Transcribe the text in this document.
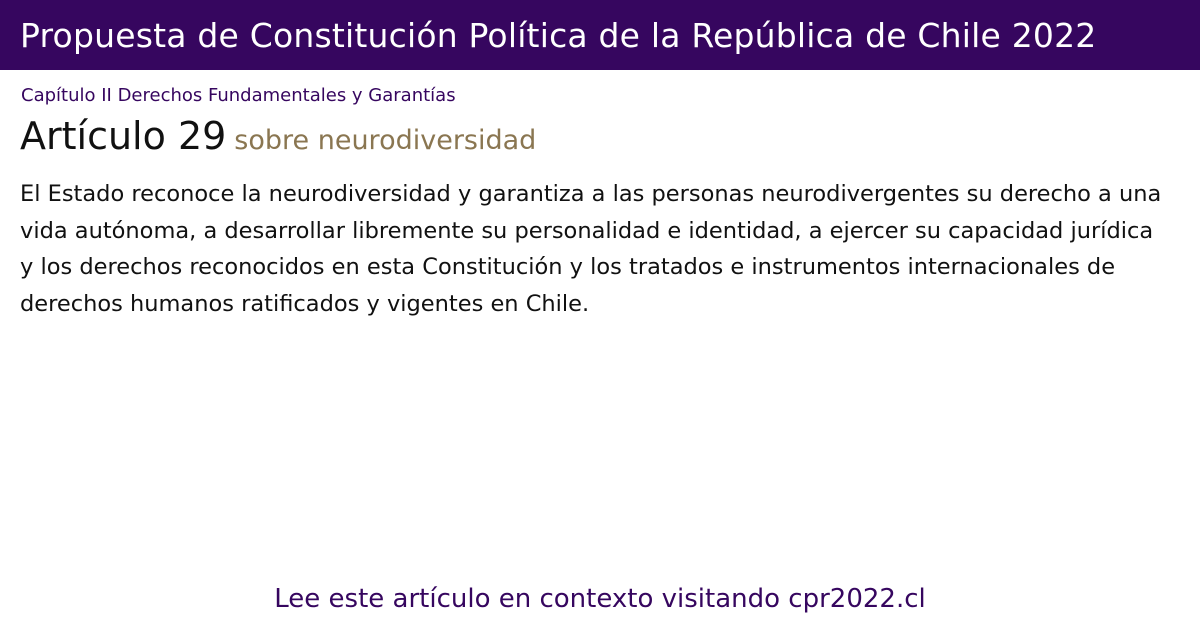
Propuesta de Constitución Política de la República de Chile 2022
Capítulo II Derechos Fundamentales y Garantías
Artículo 29 sobre neurodiversidad
El Estado reconoce la neurodiversidad y garantiza a las personas neurodivergentes su derecho a una vida autónoma, a desarrollar libremente su personalidad e identidad, a ejercer su capacidad jurídica y los derechos reconocidos en esta Constitución y los tratados e instrumentos internacionales de derechos humanos ratificados y vigentes en Chile.
Lee este artículo en contexto visitando cpr2022.cl
